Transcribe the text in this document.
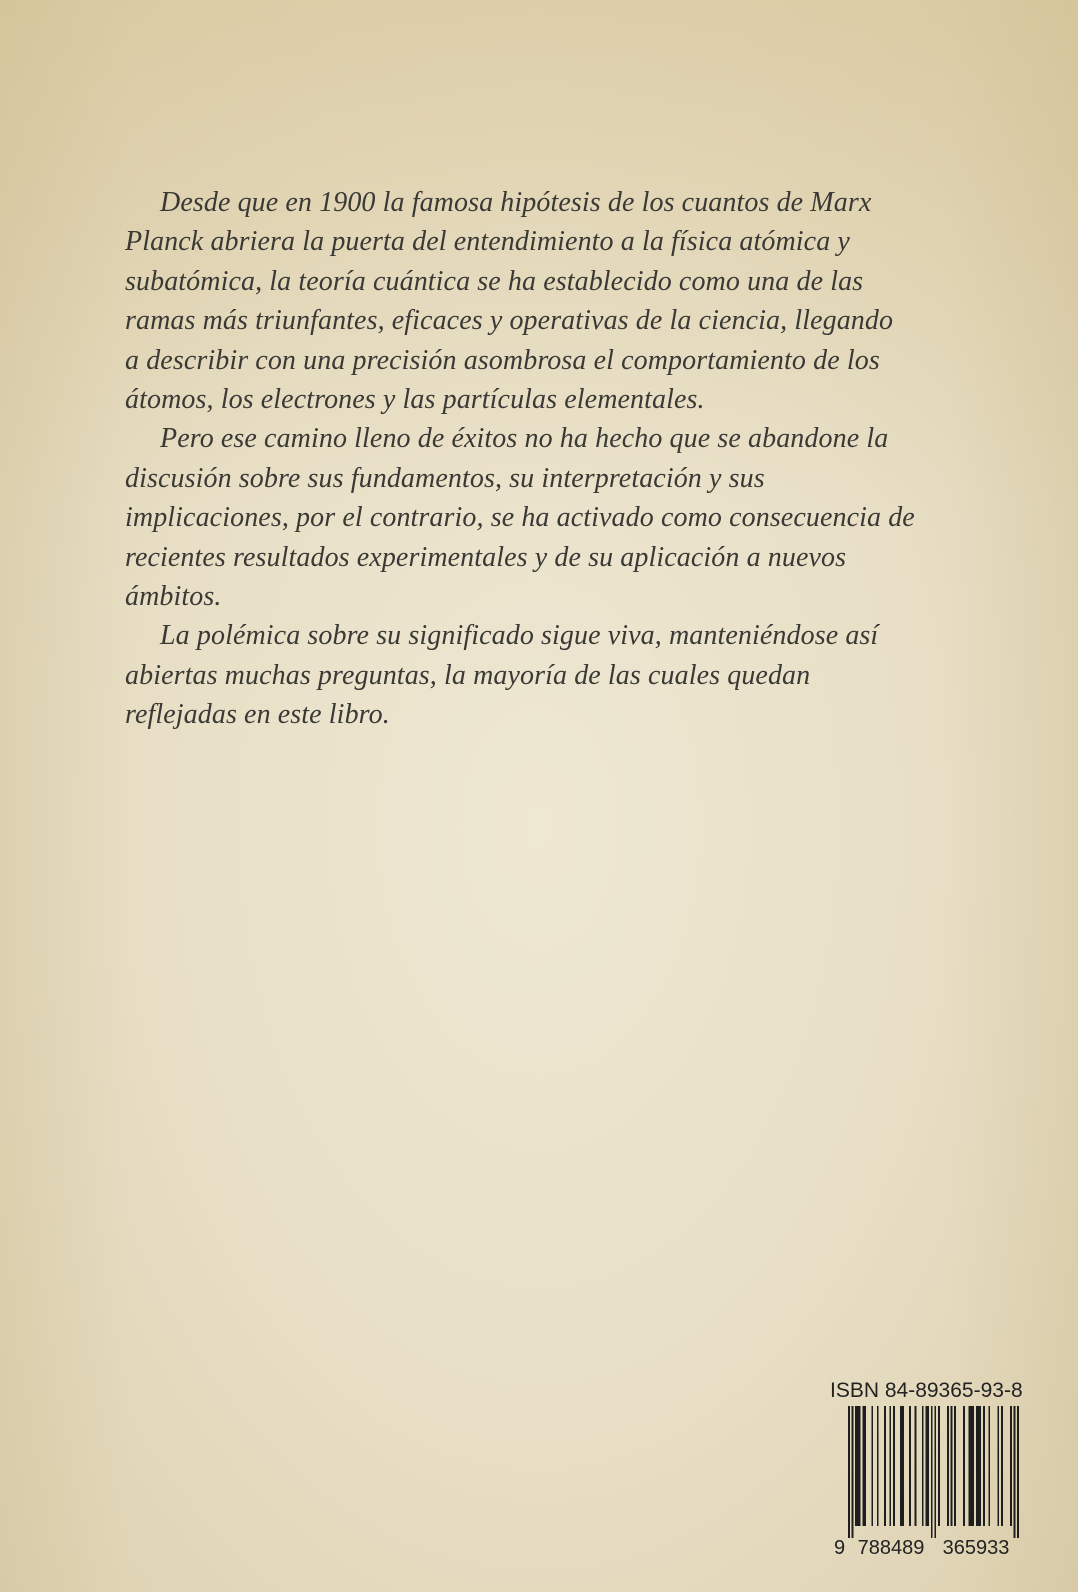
Desde que en 1900 la famosa hipótesis de los cuantos de Marx
Planck abriera la puerta del entendimiento a la física atómica y
subatómica, la teoría cuántica se ha establecido como una de las
ramas más triunfantes, eficaces y operativas de la ciencia, llegando
a describir con una precisión asombrosa el comportamiento de los
átomos, los electrones y las partículas elementales.
Pero ese camino lleno de éxitos no ha hecho que se abandone la
discusión sobre sus fundamentos, su interpretación y sus
implicaciones, por el contrario, se ha activado como consecuencia de
recientes resultados experimentales y de su aplicación a nuevos
ámbitos.
La polémica sobre su significado sigue viva, manteniéndose así
abiertas muchas preguntas, la mayoría de las cuales quedan
reflejadas en este libro.
ISBN 84-89365-93-8
9 788489 365933
